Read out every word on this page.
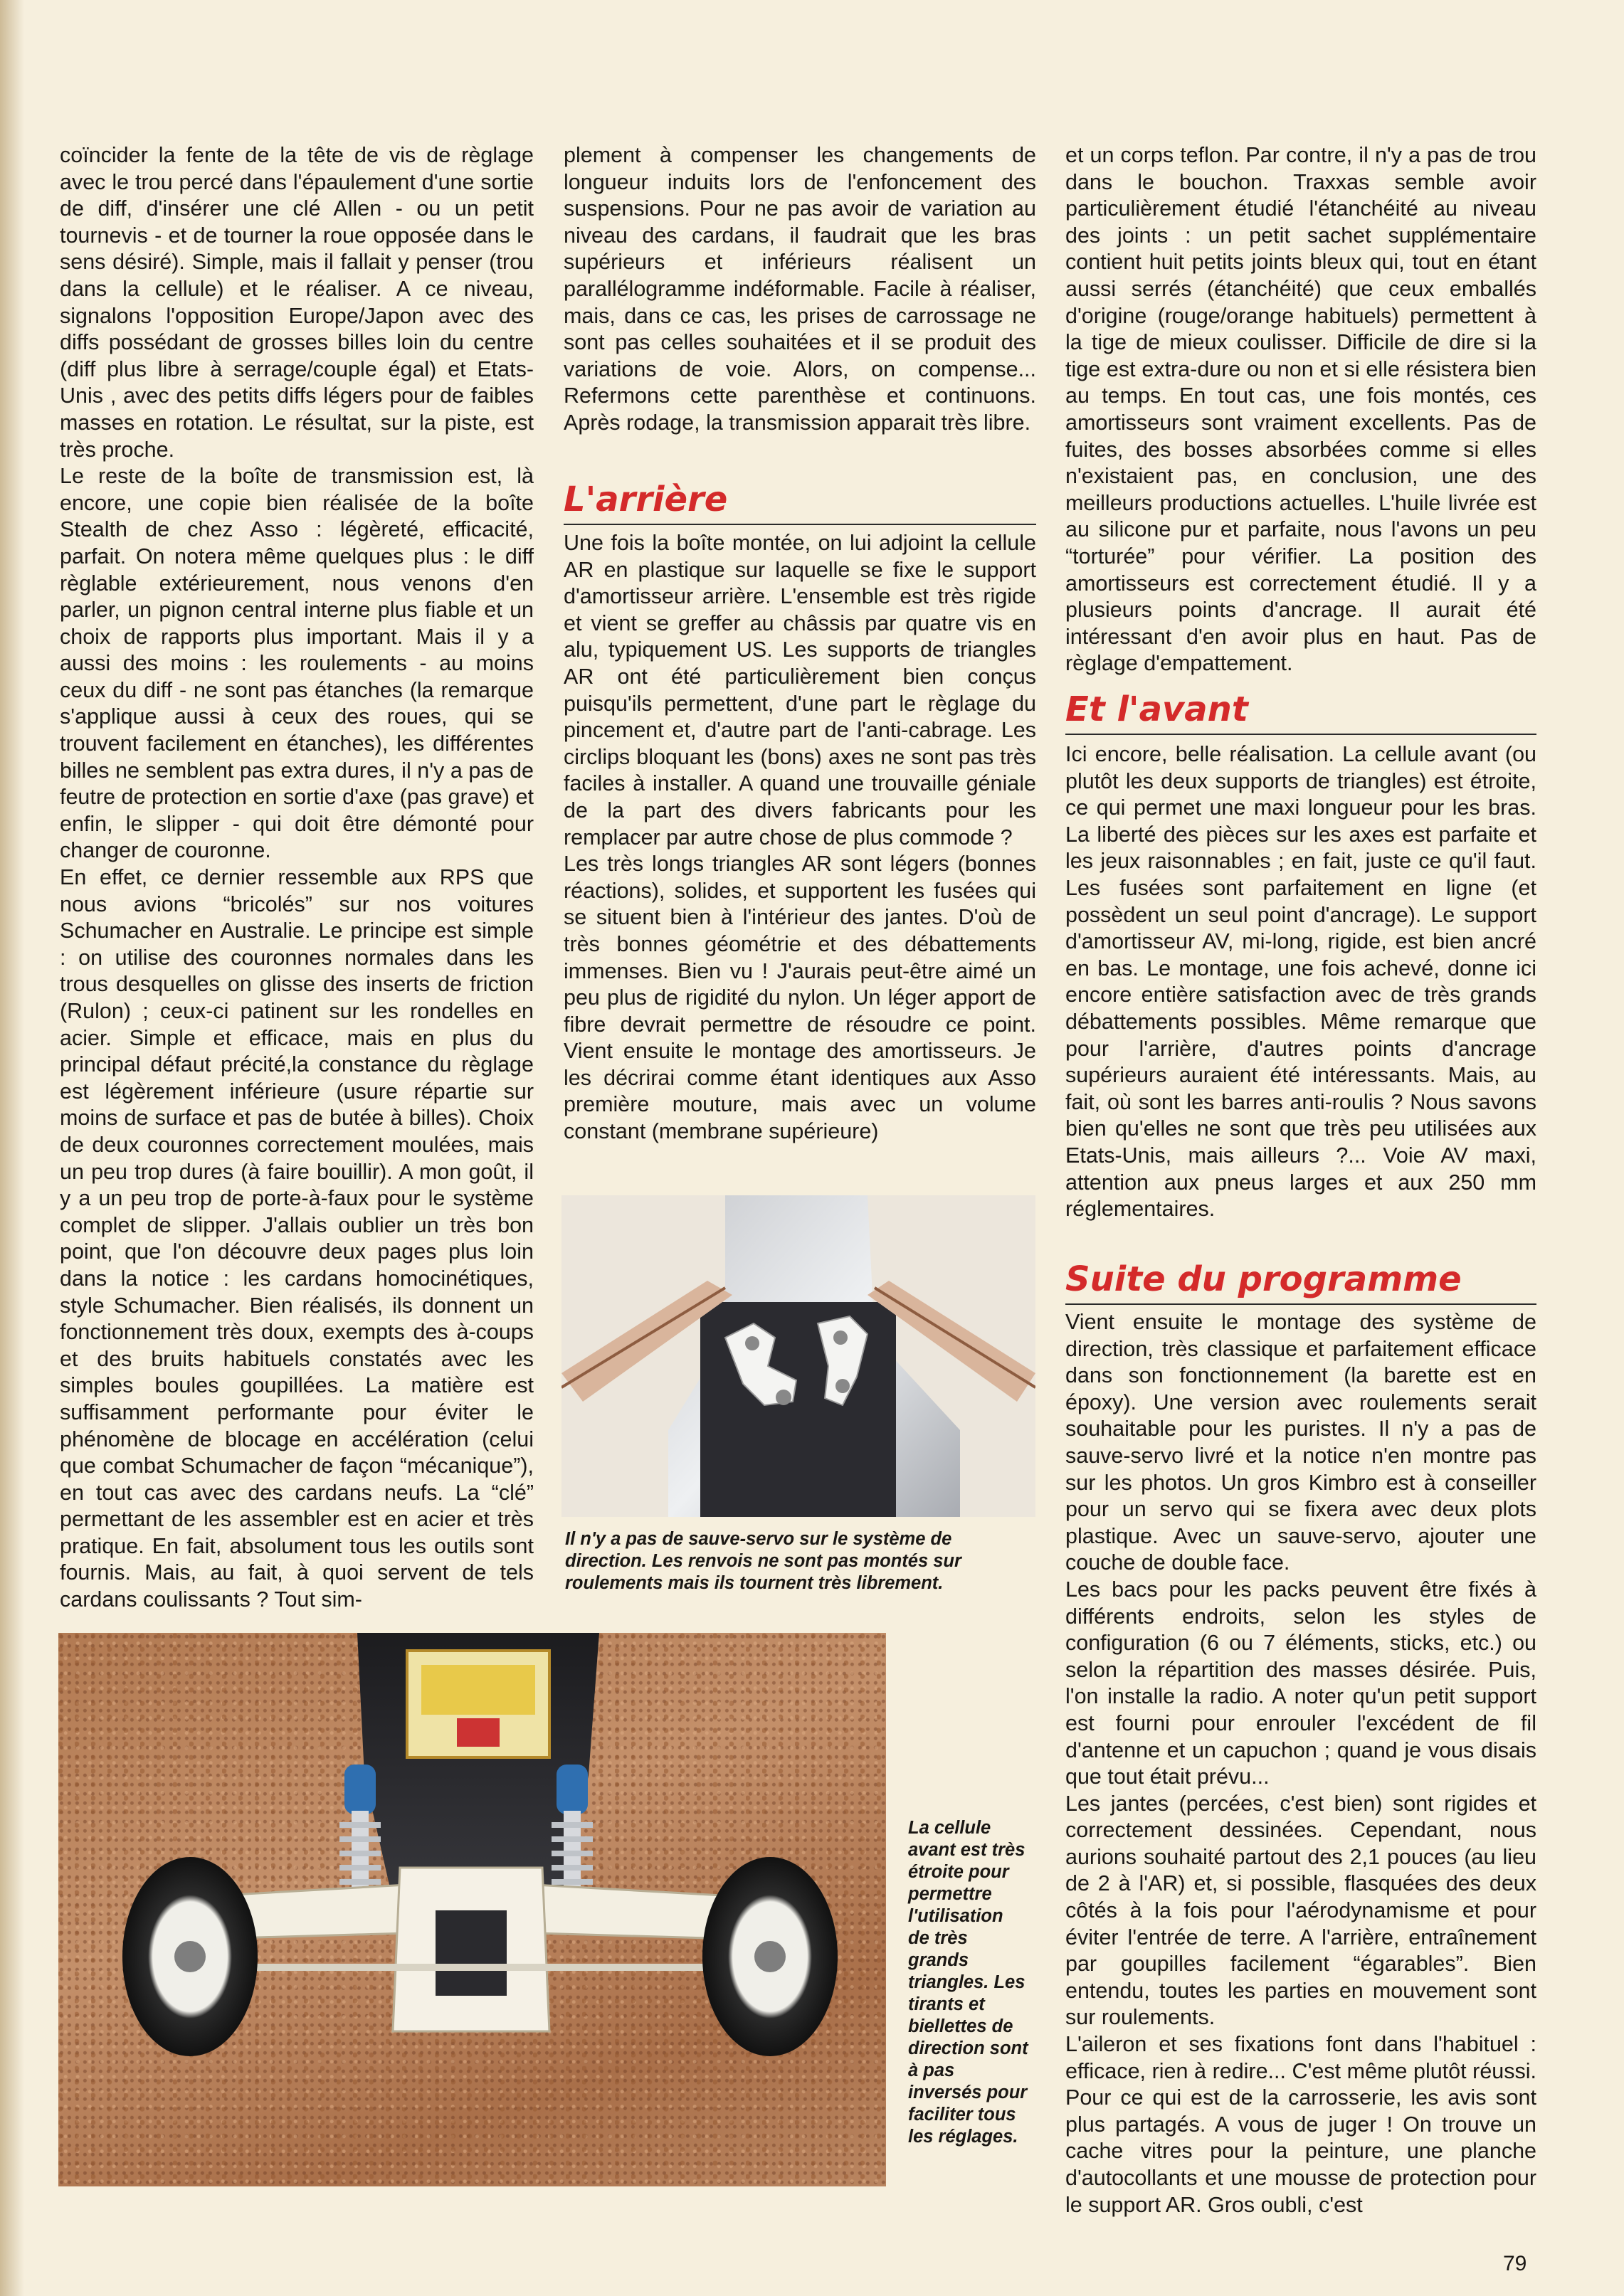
coïncider la fente de la tête de vis de règlage avec le trou percé dans l'épaulement d'une sortie de diff, d'insérer une clé Allen - ou un petit tournevis - et de tourner la roue opposée dans le sens désiré). Simple, mais il fallait y penser (trou dans la cellule) et le réaliser. A ce niveau, signalons l'opposition Europe/Japon avec des diffs possédant de grosses billes loin du centre (diff plus libre à serrage/couple égal) et Etats-Unis , avec des petits diffs légers pour de faibles masses en rotation. Le résultat, sur la piste, est très proche.

Le reste de la boîte de transmission est, là encore, une copie bien réalisée de la boîte Stealth de chez Asso : légèreté, efficacité, parfait. On notera même quelques plus : le diff règlable extérieurement, nous venons d'en parler, un pignon central interne plus fiable et un choix de rapports plus important. Mais il y a aussi des moins : les roulements - au moins ceux du diff - ne sont pas étanches (la remarque s'applique aussi à ceux des roues, qui se trouvent facilement en étanches), les différentes billes ne semblent pas extra dures, il n'y a pas de feutre de protection en sortie d'axe (pas grave) et enfin, le slipper - qui doit être démonté pour changer de couronne.

En effet, ce dernier ressemble aux RPS que nous avions “bricolés” sur nos voitures Schumacher en Australie. Le principe est simple : on utilise des couronnes normales dans les trous desquelles on glisse des inserts de friction (Rulon) ; ceux-ci patinent sur les rondelles en acier. Simple et efficace, mais en plus du principal défaut précité,la constance du règlage est légèrement inférieure (usure répartie sur moins de surface et pas de butée à billes). Choix de deux couronnes correctement moulées, mais un peu trop dures (à faire bouillir). A mon goût, il y a un peu trop de porte-à-faux pour le système complet de slipper. J'allais oublier un très bon point, que l'on découvre deux pages plus loin dans la notice : les cardans homocinétiques, style Schumacher. Bien réalisés, ils donnent un fonctionnement très doux, exempts des à-coups et des bruits habituels constatés avec les simples boules goupillées. La matière est suffisamment performante pour éviter le phénomène de blocage en accélération (celui que combat Schumacher de façon “mécanique”), en tout cas avec des cardans neufs. La “clé” permettant de les assembler est en acier et très pratique. En fait, absolument tous les outils sont fournis. Mais, au fait, à quoi servent de tels cardans coulissants ? Tout sim-

plement à compenser les changements de longueur induits lors de l'enfoncement des suspensions. Pour ne pas avoir de variation au niveau des cardans, il faudrait que les bras supérieurs et inférieurs réalisent un parallélogramme indéformable. Facile à réaliser, mais, dans ce cas, les prises de carrossage ne sont pas celles souhaitées et il se produit des variations de voie. Alors, on compense... Refermons cette parenthèse et continuons. Après rodage, la transmission apparait très libre.

L'arrière

Une fois la boîte montée, on lui adjoint la cellule AR en plastique sur laquelle se fixe le support d'amortisseur arrière. L'ensemble est très rigide et vient se greffer au châssis par quatre vis en alu, typiquement US. Les supports de triangles AR ont été particulièrement bien conçus puisqu'ils permettent, d'une part le règlage du pincement et, d'autre part de l'anti-cabrage. Les circlips bloquant les (bons) axes ne sont pas très faciles à installer. A quand une trouvaille géniale de la part des divers fabricants pour les remplacer par autre chose de plus commode ?

Les très longs triangles AR sont légers (bonnes réactions), solides, et supportent les fusées qui se situent bien à l'intérieur des jantes. D'où de très bonnes géométrie et des débattements immenses. Bien vu ! J'aurais peut-être aimé un peu plus de rigidité du nylon. Un léger apport de fibre devrait permettre de résoudre ce point. Vient ensuite le montage des amortisseurs. Je les décrirai comme étant identiques aux Asso première mouture, mais avec un volume constant (membrane supérieure)

Il n'y a pas de sauve-servo sur le système de direction. Les renvois ne sont pas montés sur roulements mais ils tournent très librement.

et un corps teflon. Par contre, il n'y a pas de trou dans le bouchon. Traxxas semble avoir particulièrement étudié l'étanchéité au niveau des joints : un petit sachet supplémentaire contient huit petits joints bleux qui, tout en étant aussi serrés (étanchéité) que ceux emballés d'origine (rouge/orange habituels) permettent à la tige de mieux coulisser. Difficile de dire si la tige est extra-dure ou non et si elle résistera bien au temps. En tout cas, une fois montés, ces amortisseurs sont vraiment excellents. Pas de fuites, des bosses absorbées comme si elles n'existaient pas, en conclusion, une des meilleurs productions actuelles. L'huile livrée est au silicone pur et parfaite, nous l'avons un peu “torturée” pour vérifier. La position des amortisseurs est correctement étudié. Il y a plusieurs points d'ancrage. Il aurait été intéressant d'en avoir plus en haut. Pas de règlage d'empattement.

Et l'avant

Ici encore, belle réalisation. La cellule avant (ou plutôt les deux supports de triangles) est étroite, ce qui permet une maxi longueur pour les bras. La liberté des pièces sur les axes est parfaite et les jeux raisonnables ; en fait, juste ce qu'il faut. Les fusées sont parfaitement en ligne (et possèdent un seul point d'ancrage). Le support d'amortisseur AV, mi-long, rigide, est bien ancré en bas. Le montage, une fois achevé, donne ici encore entière satisfaction avec de très grands débattements possibles. Même remarque que pour l'arrière, d'autres points d'ancrage supérieurs auraient été intéressants. Mais, au fait, où sont les barres anti-roulis ? Nous savons bien qu'elles ne sont que très peu utilisées aux Etats-Unis, mais ailleurs ?... Voie AV maxi, attention aux pneus larges et aux 250 mm réglementaires.

Suite du programme

Vient ensuite le montage des système de direction, très classique et parfaitement efficace dans son fonctionnement (la barette est en époxy). Une version avec roulements serait souhaitable pour les puristes. Il n'y a pas de sauve-servo livré et la notice n'en montre pas sur les photos. Un gros Kimbro est à conseiller pour un servo qui se fixera avec deux plots plastique. Avec un sauve-servo, ajouter une couche de double face.

Les bacs pour les packs peuvent être fixés à différents endroits, selon les styles de configuration (6 ou 7 éléments, sticks, etc.) ou selon la répartition des masses désirée. Puis, l'on installe la radio. A noter qu'un petit support est fourni pour enrouler l'excédent de fil d'antenne et un capuchon ; quand je vous disais que tout était prévu...

Les jantes (percées, c'est bien) sont rigides et correctement dessinées. Cependant, nous aurions souhaité partout des 2,1 pouces (au lieu de 2 à l'AR) et, si possible, flasquées des deux côtés à la fois pour l'aérodynamisme et pour éviter l'entrée de terre. A l'arrière, entraînement par goupilles facilement “égarables”. Bien entendu, toutes les parties en mouvement sont sur roulements.

L'aileron et ses fixations font dans l'habituel : efficace, rien à redire... C'est même plutôt réussi. Pour ce qui est de la carrosserie, les avis sont plus partagés. A vous de juger ! On trouve un cache vitres pour la peinture, une planche d'autocollants et une mousse de protection pour le support AR. Gros oubli, c'est

La cellule avant est très étroite pour permettre l'utilisation de très grands triangles. Les tirants et biellettes de direction sont à pas inversés pour faciliter tous les réglages.

79
